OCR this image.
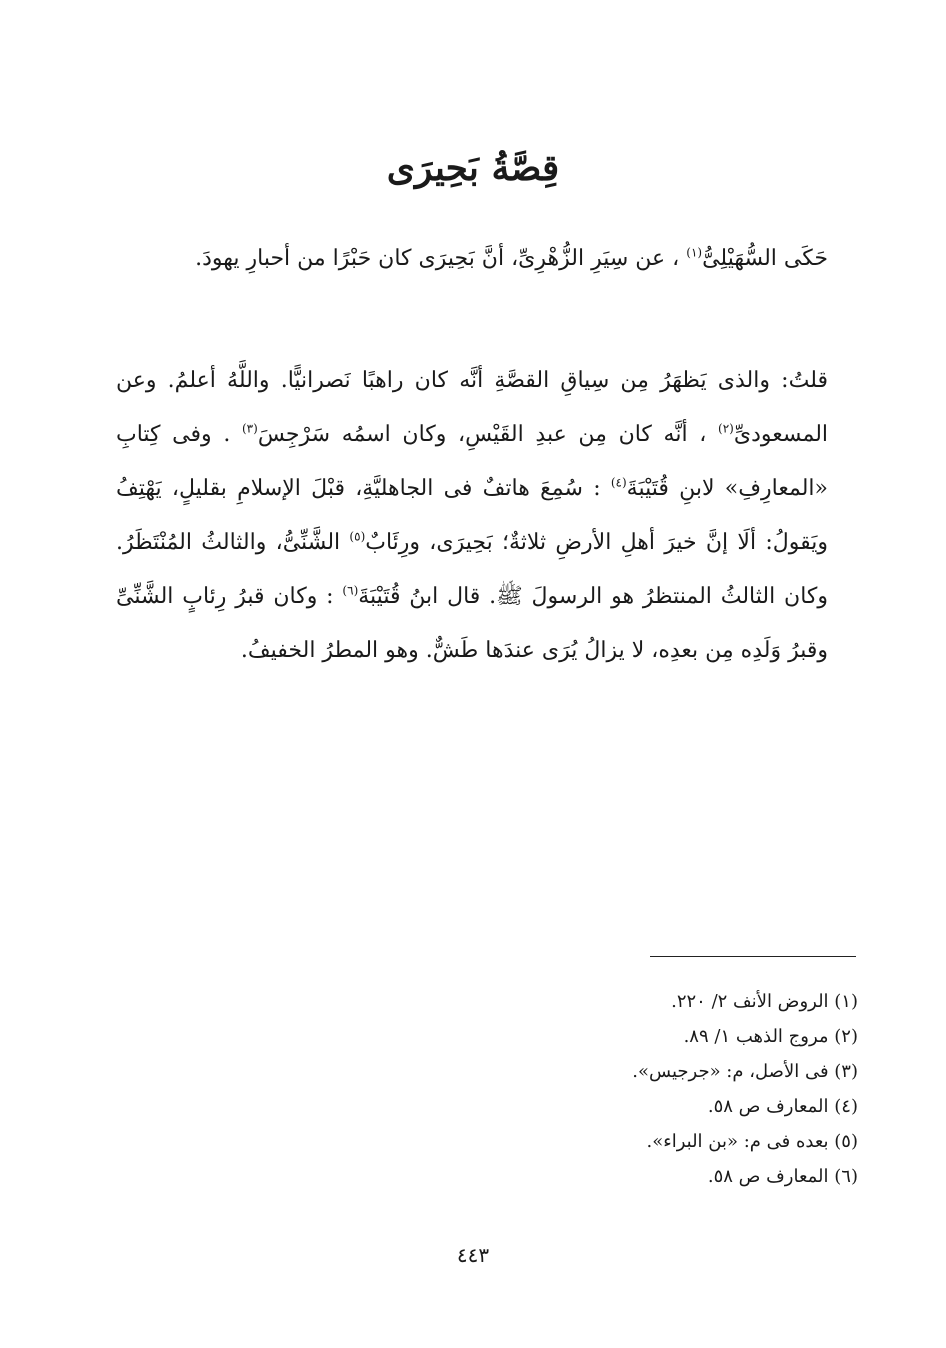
قِصَّةُ بَحِيرَى

حَكَى السُّهَيْلِىُّ$^{(١)}$ ، عن سِيَرِ الزُّهْرِىِّ، أنَّ بَحِيرَى كان حَبْرًا من أحبارِ يهودَ.

قلتُ: والذى يَظهَرُ مِن سِياقِ القصَّةِ أنَّه كان راهبًا نَصرانيًّا. واللَّهُ أعلمُ. وعن المسعودىِّ$^{(٢)}$ ، أنَّه كان مِن عبدِ القَيْسِ، وكان اسمُه سَرْجِسَ$^{(٣)}$ . وفى كِتابِ «المعارِفِ» لابنِ قُتَيْبَةَ$^{(٤)}$ : سُمِعَ هاتفٌ فى الجاهليَّةِ، قبْلَ الإسلامِ بقليلٍ، يَهْتِفُ ويَقولُ: ألَا إنَّ خيرَ أهلِ الأرضِ ثلاثةٌ؛ بَحِيرَى، ورِئَابٌ$^{(٥)}$ الشَّنِّىُّ، والثالثُ المُنْتَظَرُ. وكان الثالثُ المنتظرُ هو الرسولَ ﷺ. قال ابنُ قُتَيْبَةَ$^{(٦)}$ : وكان قبرُ رِئابٍ الشَّنِّىِّ وقبرُ وَلَدِه مِن بعدِه، لا يزالُ يُرَى عندَها طَشٌّ. وهو المطرُ الخفيفُ.

(١) الروض الأنف ٢/ ٢٢٠.
(٢) مروج الذهب ١/ ٨٩.
(٣) فى الأصل، م: «جرجيس».
(٤) المعارف ص ٥٨.
(٥) بعده فى م: «بن البراء».
(٦) المعارف ص ٥٨.
٤٤٣
